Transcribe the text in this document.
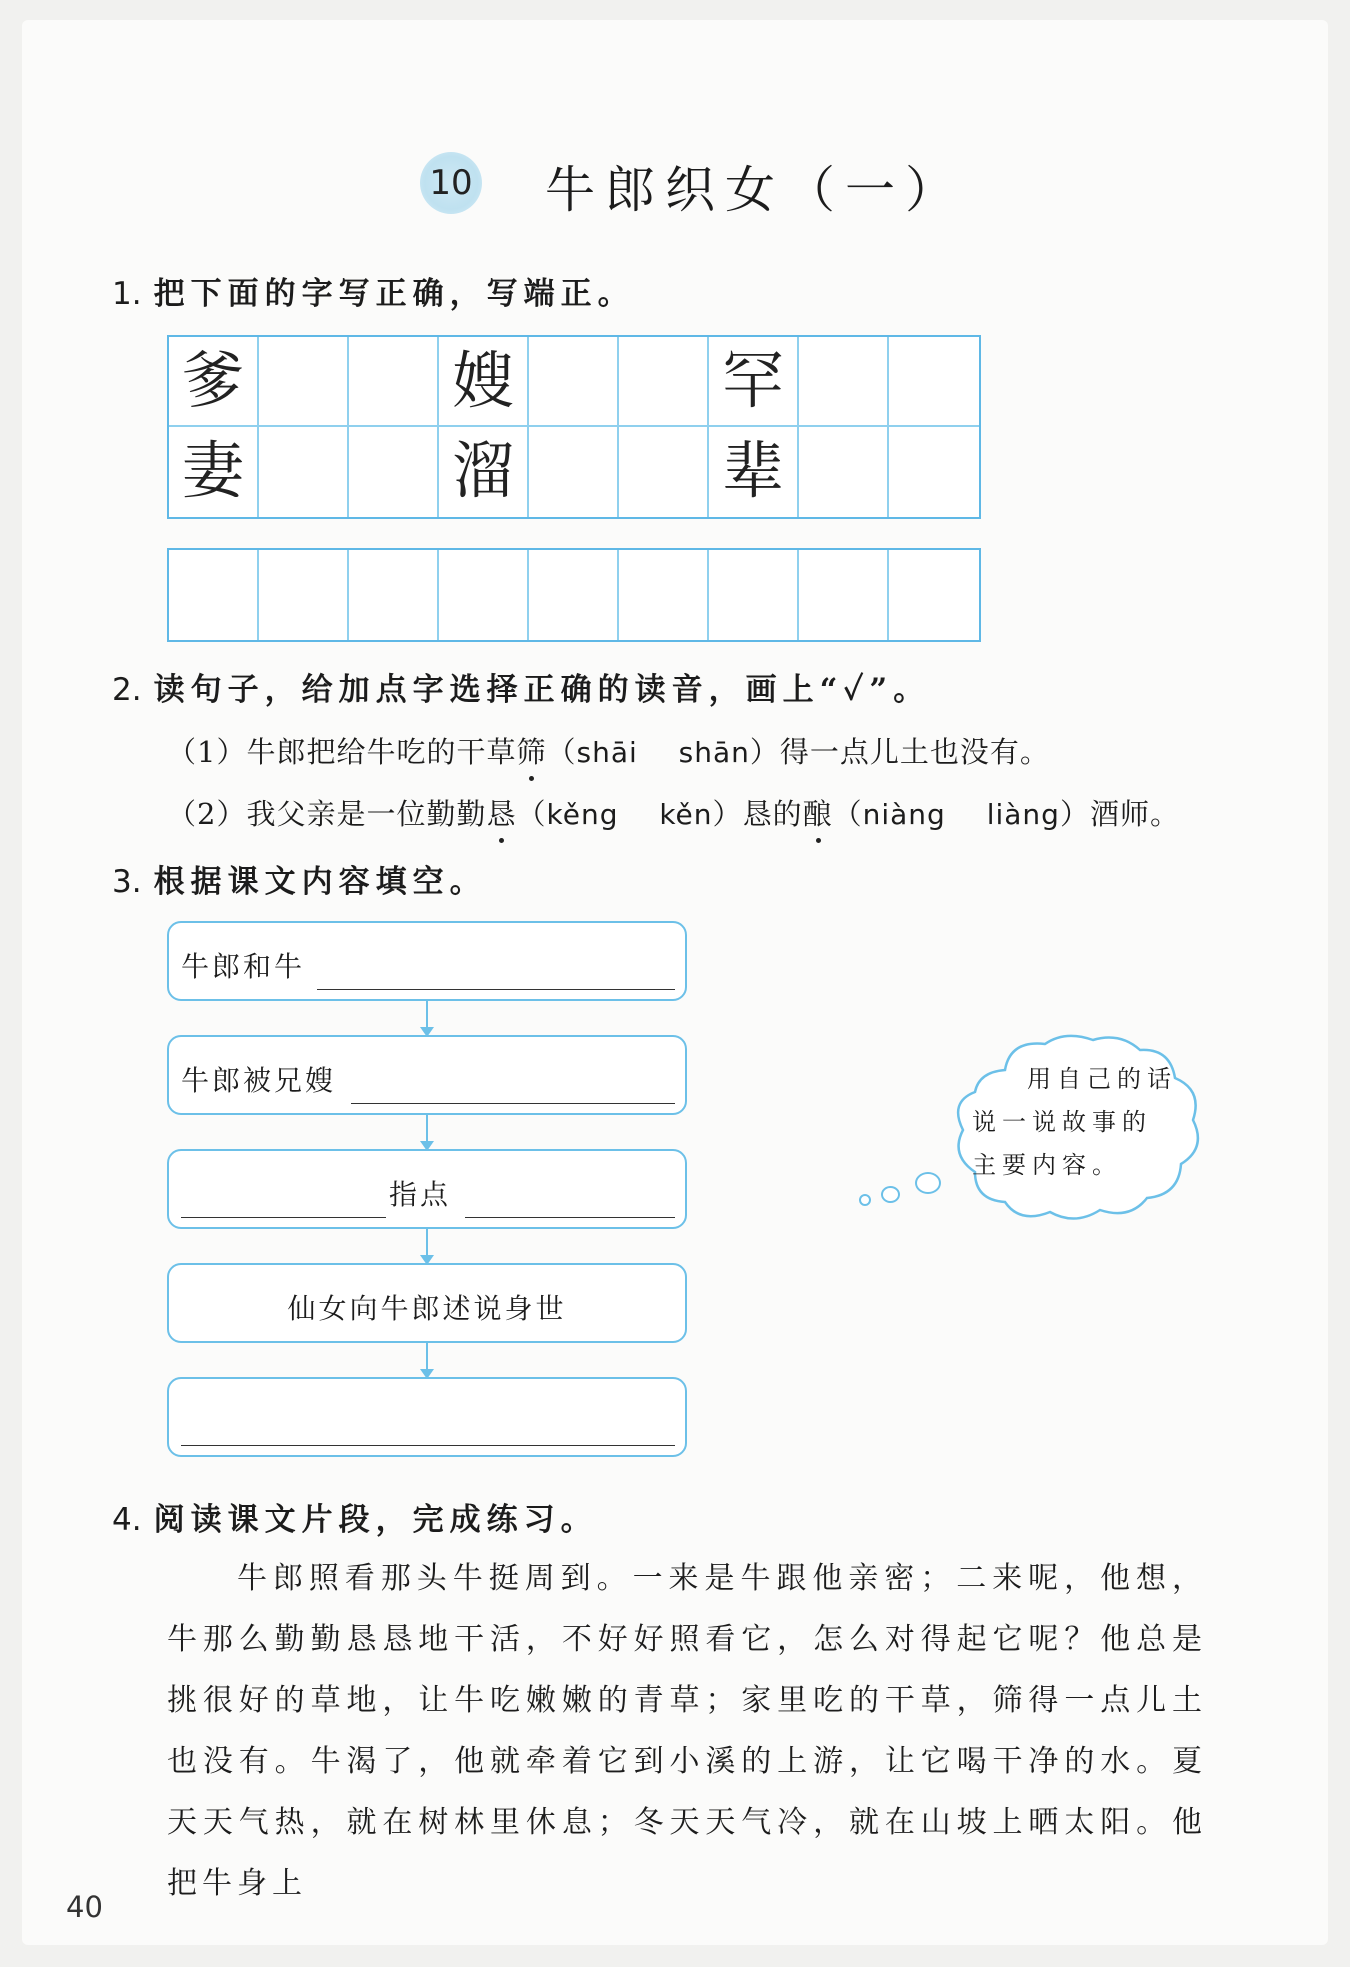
10 牛郎织女（一）
1. 把下面的字写正确，写端正。
爹	嫂	罕
妻	溜	辈
2. 读句子，给加点字选择正确的读音，画上“✓”。
（1）牛郎把给牛吃的干草筛（shāi shān）得一点儿土也没有。
（2）我父亲是一位勤勤恳（kěng kěn）恳的酿（niàng liàng）酒师。
3. 根据课文内容填空。
牛郎和牛
牛郎被兄嫂
指点
仙女向牛郎述说身世
用自己的话说一说故事的主要内容。
4. 阅读课文片段，完成练习。
牛郎照看那头牛挺周到。一来是牛跟他亲密；二来呢，他想，牛那么勤勤恳恳地干活，不好好照看它，怎么对得起它呢？他总是挑很好的草地，让牛吃嫩嫩的青草；家里吃的干草，筛得一点儿土也没有。牛渴了，他就牵着它到小溪的上游，让它喝干净的水。夏天天气热，就在树林里休息；冬天天气冷，就在山坡上晒太阳。他把牛身上
40
